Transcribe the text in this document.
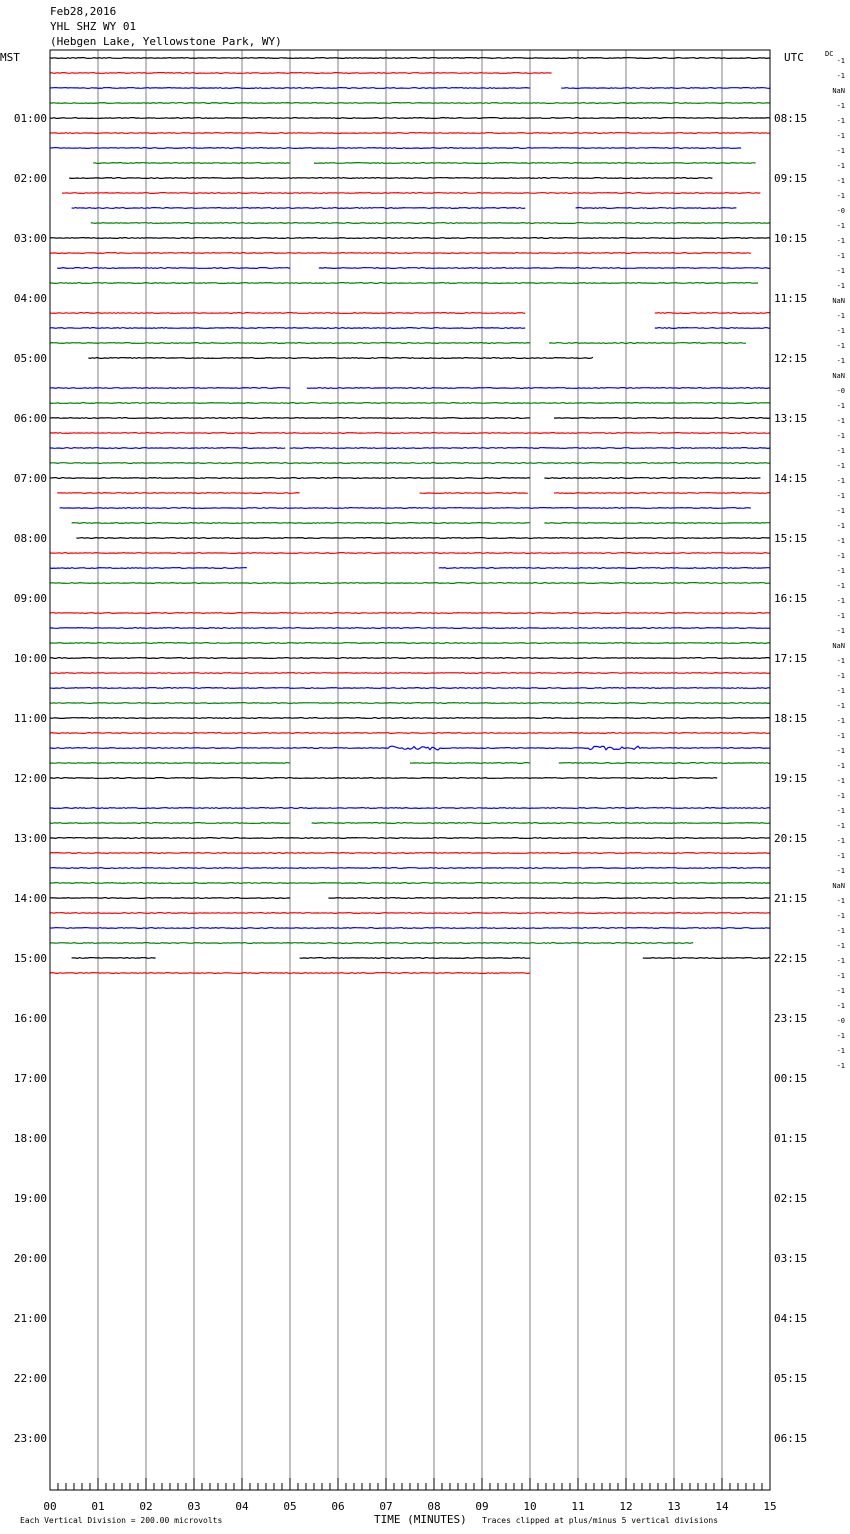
Feb28,2016
YHL SHZ WY 01
(Hebgen Lake, Yellowstone Park, WY)
01:00
02:00
03:00
04:00
05:00
06:00
07:00
08:00
09:00
10:00
11:00
12:00
13:00
14:00
15:00
16:00
17:00
18:00
19:00
20:00
21:00
22:00
23:00
08:15
09:15
10:15
11:15
12:15
13:15
14:15
15:15
16:15
17:15
18:15
19:15
20:15
21:15
22:15
23:15
00:15
01:15
02:15
03:15
04:15
05:15
06:15
-1
-1
NaN
-1
-1
-1
-1
-1
-1
-1
-0
-1
-1
-1
-1
-1
NaN
-1
-1
-1
-1
NaN
-0
-1
-1
-1
-1
-1
-1
-1
-1
-1
-1
-1
-1
-1
-1
-1
-1
NaN
-1
-1
-1
-1
-1
-1
-1
-1
-1
-1
-1
-1
-1
-1
-1
NaN
-1
-1
-1
-1
-1
-1
-1
-1
-0
-1
-1
-1
00	01	02	03	04	05	06	07	08	09	10	11	12	13	14	15
MST	UTC	DC
Each Vertical Division = 200.00 microvolts	TIME (MINUTES) Traces clipped at plus/minus 5 vertical divisions
